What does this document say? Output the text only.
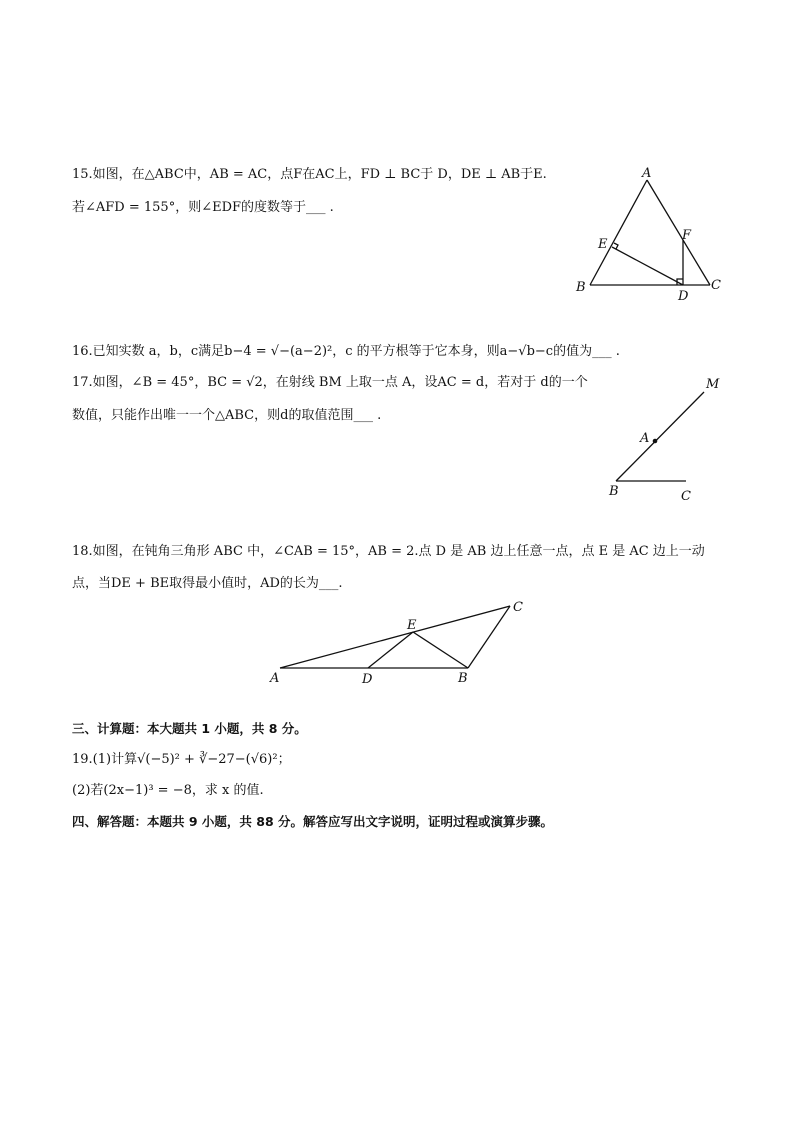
15.如图，在△ABC中，AB = AC，点F在AC上，FD ⊥ BC于 D，DE ⊥ AB于E.
若∠AFD = 155°，则∠EDF的度数等于___ .
A
B	C
D
E
F
16.已知实数 a，b，c满足b−4 = √−(a−2)²，c 的平方根等于它本身，则a−√b−c的值为___ .
17.如图，∠B = 45°，BC = √2，在射线 BM 上取一点 A，设AC = d，若对于 d的一个
数值，只能作出唯一一个△ABC，则d的取值范围___ .
M
A
B	C
18.如图，在钝角三角形 ABC 中，∠CAB = 15°，AB = 2.点 D 是 AB 边上任意一点，点 E 是 AC 边上一动
点，当DE + BE取得最小值时，AD的长为___.
A	D	B
E
C
三、计算题：本大题共 1 小题，共 8 分。
19.(1)计算√(−5)² + ∛−27−(√6)²；
(2)若(2x−1)³ = −8，求 x 的值.
四、解答题：本题共 9 小题，共 88 分。解答应写出文字说明，证明过程或演算步骤。
